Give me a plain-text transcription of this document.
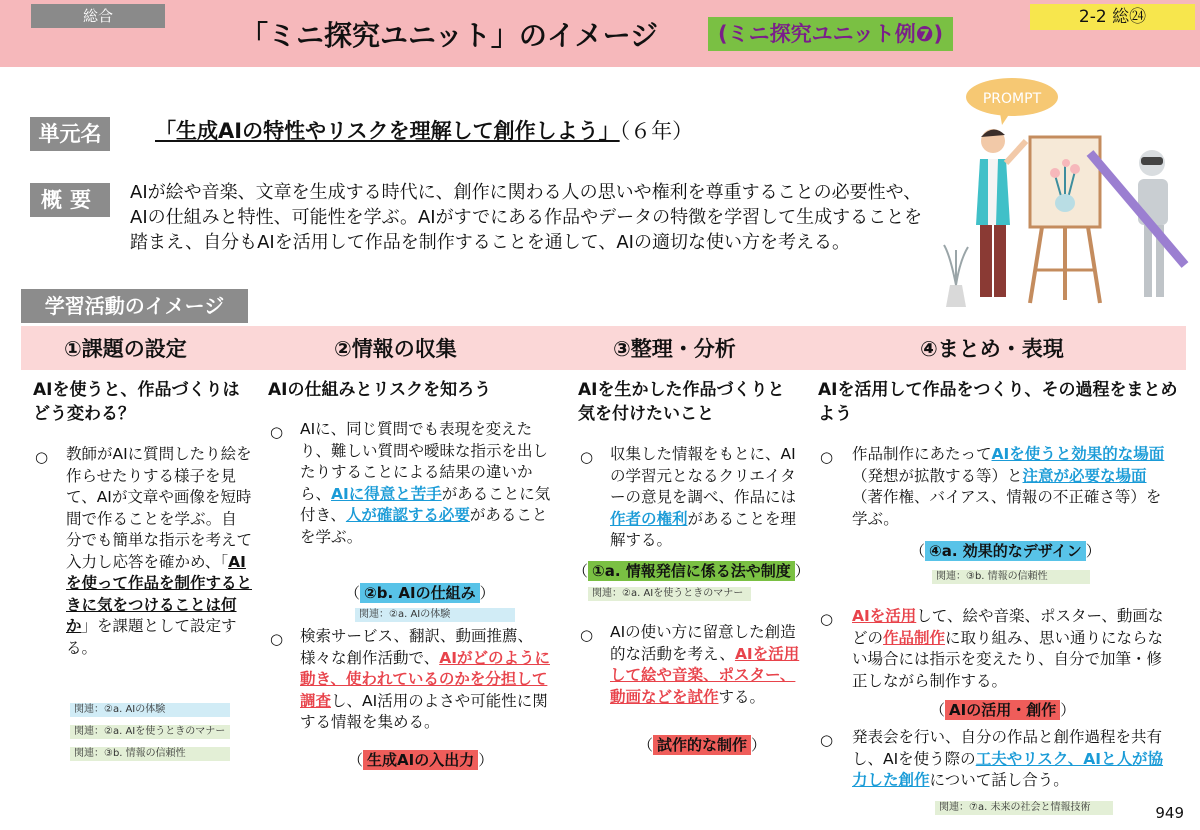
総合
「ミニ探究ユニット」のイメージ	(ミニ探究ユニット例❼)
2-2 総㉔
単元名	「生成AIの特性やリスクを理解して創作しよう」（６年）
概要	AIが絵や音楽、文章を生成する時代に、創作に関わる人の思いや権利を尊重することの必要性や、AIの仕組みと特性、可能性を学ぶ。AIがすでにある作品やデータの特徴を学習して生成することを踏まえ、自分もAIを活用して作品を制作することを通して、AIの適切な使い方を考える。
PROMPT
学習活動のイメージ
①課題の設定	②情報の収集	③整理・分析	④まとめ・表現
AIを使うと、作品づくりはどう変わる？
○ 教師がAIに質問したり絵を作らせたりする様子を見て、AIが文章や画像を短時間で作ることを学ぶ。自分でも簡単な指示を考えて入力し応答を確かめ、「AIを使って作品を制作するときに気をつけることは何か」を課題として設定する。
関連：②a. AIの体験
関連：②a. AIを使うときのマナー
関連：③b. 情報の信頼性
AIの仕組みとリスクを知ろう
○ AIに、同じ質問でも表現を変えたり、難しい質問や曖昧な指示を出したりすることによる結果の違いから、AIに得意と苦手があることに気付き、人が確認する必要があることを学ぶ。
（ ②b. AIの仕組み ）
関連：②a. AIの体験
○ 検索サービス、翻訳、動画推薦、様々な創作活動で、AIがどのように動き、使われているのかを分担して調査し、AI活用のよさや可能性に関する情報を集める。
（ 生成AIの入出力 ）
AIを生かした作品づくりと気を付けたいこと
○ 収集した情報をもとに、AIの学習元となるクリエイターの意見を調べ、作品には作者の権利があることを理解する。
（ ①a. 情報発信に係る法や制度 ）
関連：②a. AIを使うときのマナー
○ AIの使い方に留意した創造的な活動を考え、AIを活用して絵や音楽、ポスター、動画などを試作する。
（ 試作的な制作 ）
AIを活用して作品をつくり、その過程をまとめよう
○ 作品制作にあたってAIを使うと効果的な場面（発想が拡散する等）と注意が必要な場面（著作権、バイアス、情報の不正確さ等）を学ぶ。
（ ④a. 効果的なデザイン ）
関連：③b. 情報の信頼性
○ AIを活用して、絵や音楽、ポスター、動画などの作品制作に取り組み、思い通りにならない場合には指示を変えたり、自分で加筆・修正しながら制作する。
（ AIの活用・創作 ）
○ 発表会を行い、自分の作品と創作過程を共有し、AIを使う際の工夫やリスク、AIと人が協力した創作について話し合う。
関連：⑦a. 未来の社会と情報技術	949
